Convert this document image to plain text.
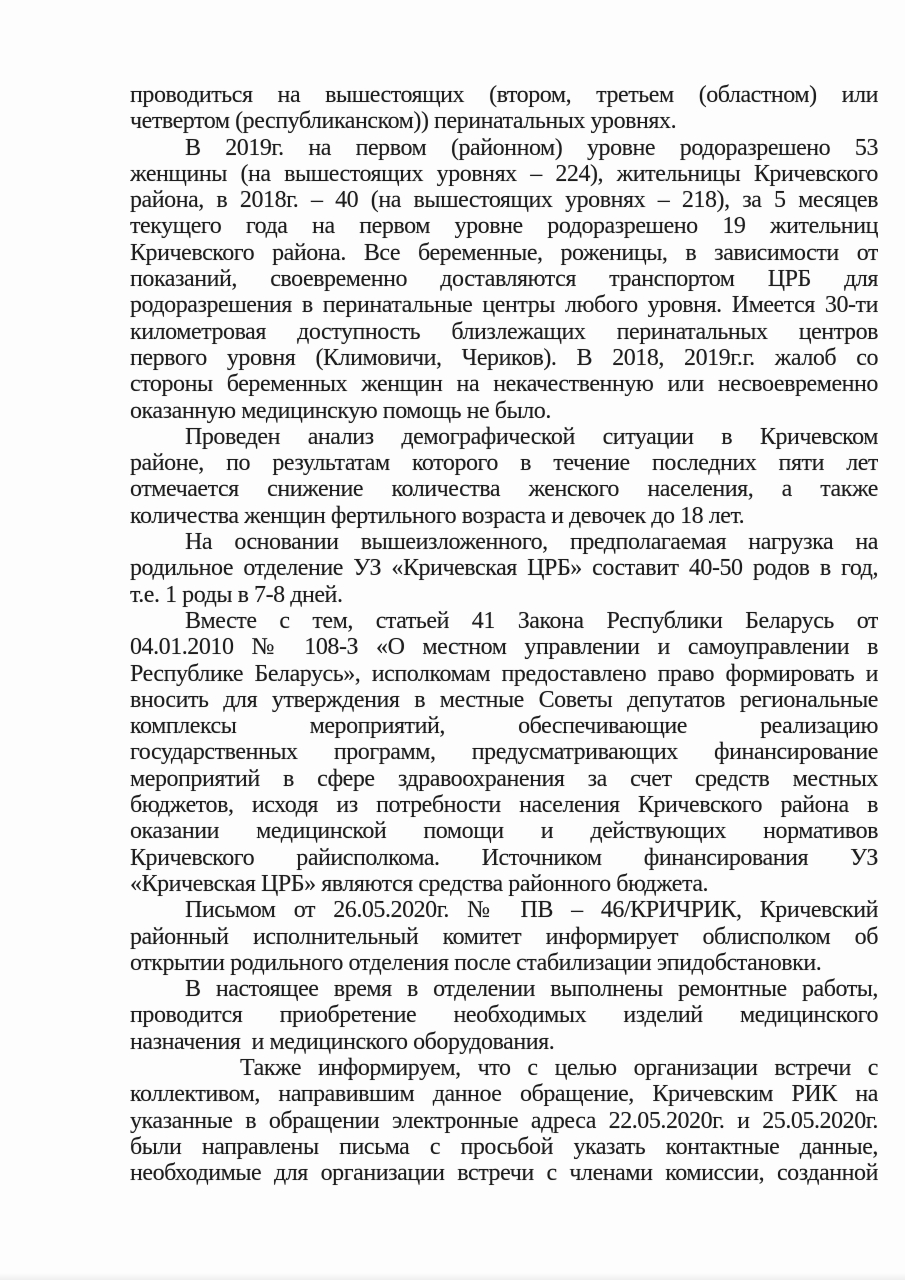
проводиться на вышестоящих (втором, третьем (областном) или
четвертом (республиканском)) перинатальных уровнях.
В 2019г. на первом (районном) уровне родоразрешено 53
женщины (на вышестоящих уровнях – 224), жительницы Кричевского
района, в 2018г. – 40 (на вышестоящих уровнях – 218), за 5 месяцев
текущего года на первом уровне родоразрешено 19 жительниц
Кричевского района. Все беременные, роженицы, в зависимости от
показаний, своевременно доставляются транспортом ЦРБ для
родоразрешения в перинатальные центры любого уровня. Имеется 30-ти
километровая доступность близлежащих перинатальных центров
первого уровня (Климовичи, Чериков). В 2018, 2019г.г. жалоб со
стороны беременных женщин на некачественную или несвоевременно
оказанную медицинскую помощь не было.
Проведен анализ демографической ситуации в Кричевском
районе, по результатам которого в течение последних пяти лет
отмечается снижение количества женского населения, а также
количества женщин фертильного возраста и девочек до 18 лет.
На основании вышеизложенного, предполагаемая нагрузка на
родильное отделение УЗ «Кричевская ЦРБ» составит 40-50 родов в год,
т.е. 1 роды в 7-8 дней.
Вместе с тем, статьей 41 Закона Республики Беларусь от
04.01.2010 № 108-З «О местном управлении и самоуправлении в
Республике Беларусь», исполкомам предоставлено право формировать и
вносить для утверждения в местные Советы депутатов региональные
комплексы мероприятий, обеспечивающие реализацию
государственных программ, предусматривающих финансирование
мероприятий в сфере здравоохранения за счет средств местных
бюджетов, исходя из потребности населения Кричевского района в
оказании медицинской помощи и действующих нормативов
Кричевского райисполкома. Источником финансирования УЗ
«Кричевская ЦРБ» являются средства районного бюджета.
Письмом от 26.05.2020г. № ПВ – 46/КРИЧРИК, Кричевский
районный исполнительный комитет информирует облисполком об
открытии родильного отделения после стабилизации эпидобстановки.
В настоящее время в отделении выполнены ремонтные работы,
проводится приобретение необходимых изделий медицинского
назначения  и медицинского оборудования.
Также информируем, что с целью организации встречи с
коллективом, направившим данное обращение, Кричевским РИК на
указанные в обращении электронные адреса 22.05.2020г. и 25.05.2020г.
были направлены письма с просьбой указать контактные данные,
необходимые для организации встречи с членами комиссии, созданной
